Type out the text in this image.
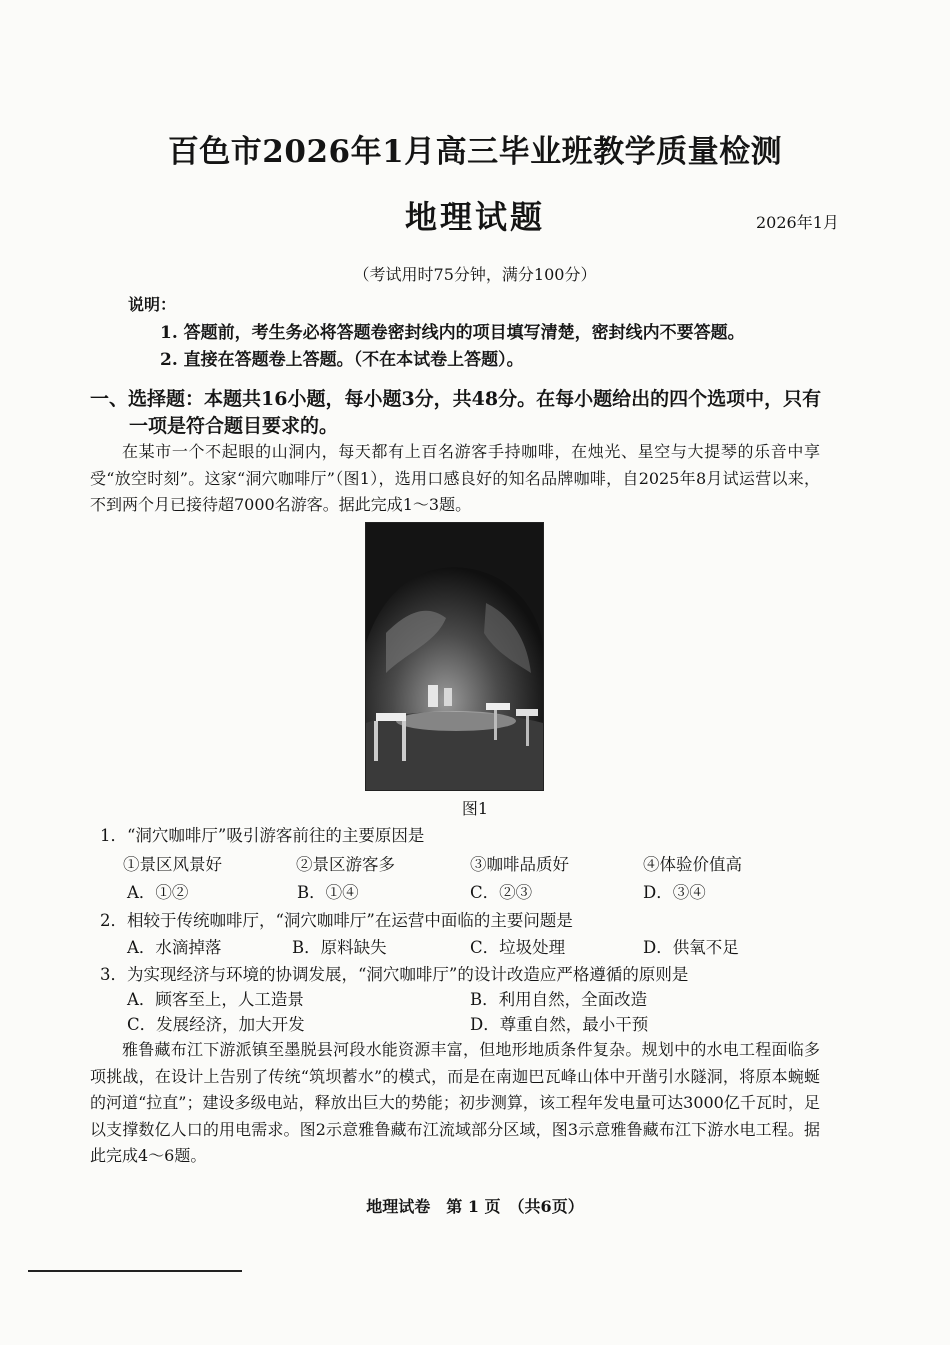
百色市2026年1月高三毕业班教学质量检测
地理试题	2026年1月
（考试用时75分钟，满分100分）
说明：
1. 答题前，考生务必将答题卷密封线内的项目填写清楚，密封线内不要答题。
2. 直接在答题卷上答题。（不在本试卷上答题）。
一、选择题：本题共16小题，每小题3分，共48分。在每小题给出的四个选项中，只有
一项是符合题目要求的。
在某市一个不起眼的山洞内，每天都有上百名游客手持咖啡，在烛光、星空与大提琴的乐音中享受“放空时刻”。这家“洞穴咖啡厅”（图1），选用口感良好的知名品牌咖啡，自2025年8月试运营以来，不到两个月已接待超7000名游客。据此完成1～3题。
图1
1．“洞穴咖啡厅”吸引游客前往的主要原因是
①景区风景好	②景区游客多	③咖啡品质好	④体验价值高
A．①②	B．①④	C．②③	D．③④
2．相较于传统咖啡厅，“洞穴咖啡厅”在运营中面临的主要问题是
A．水滴掉落	B．原料缺失	C．垃圾处理	D．供氧不足
3．为实现经济与环境的协调发展，“洞穴咖啡厅”的设计改造应严格遵循的原则是
A．顾客至上，人工造景	B．利用自然，全面改造
C．发展经济，加大开发	D．尊重自然，最小干预
雅鲁藏布江下游派镇至墨脱县河段水能资源丰富，但地形地质条件复杂。规划中的水电工程面临多项挑战，在设计上告别了传统“筑坝蓄水”的模式，而是在南迦巴瓦峰山体中开凿引水隧洞，将原本蜿蜒的河道“拉直”；建设多级电站，释放出巨大的势能；初步测算，该工程年发电量可达3000亿千瓦时，足以支撑数亿人口的用电需求。图2示意雅鲁藏布江流域部分区域，图3示意雅鲁藏布江下游水电工程。据此完成4～6题。
地理试卷　第 1 页　（共6页）
